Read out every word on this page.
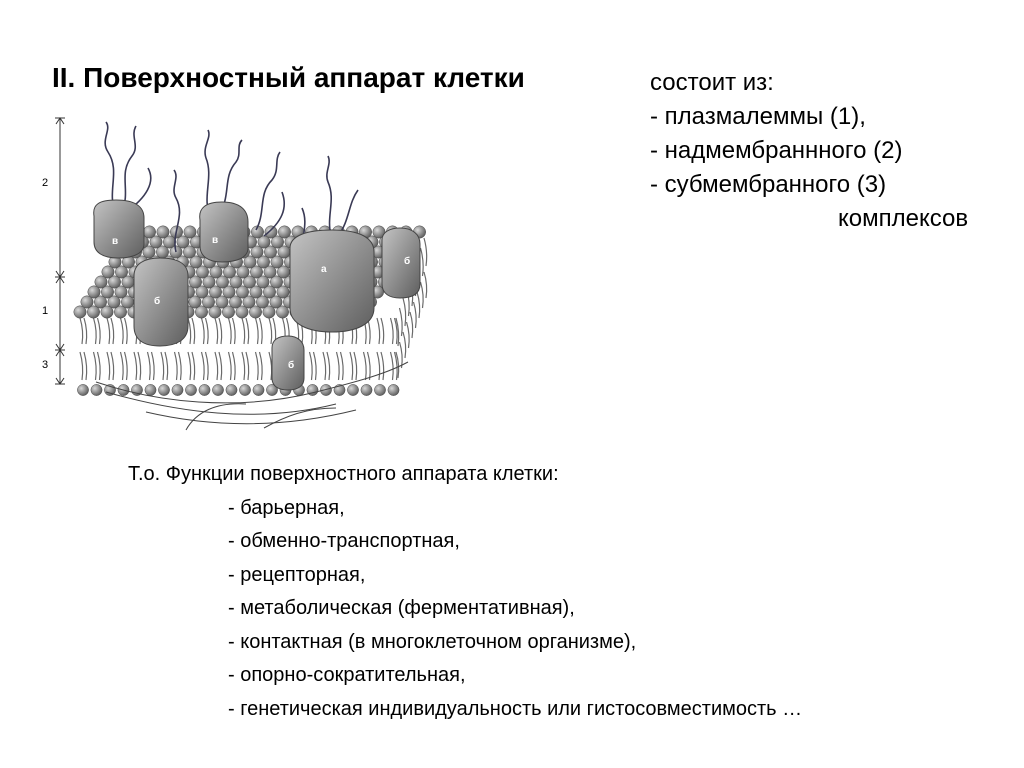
II. Поверхностный аппарат клетки	состоит из:
- плазмалеммы (1),
- надмембраннного (2)
- субмембранного (3)
комплексов
2
1
3
в	в
а
б
б
б
Т.о. Функции поверхностного аппарата клетки:
- барьерная,
- обменно-транспортная,
- рецепторная,
- метаболическая (ферментативная),
- контактная (в многоклеточном организме),
- опорно-сократительная,
- генетическая индивидуальность или гистосовместимость …
